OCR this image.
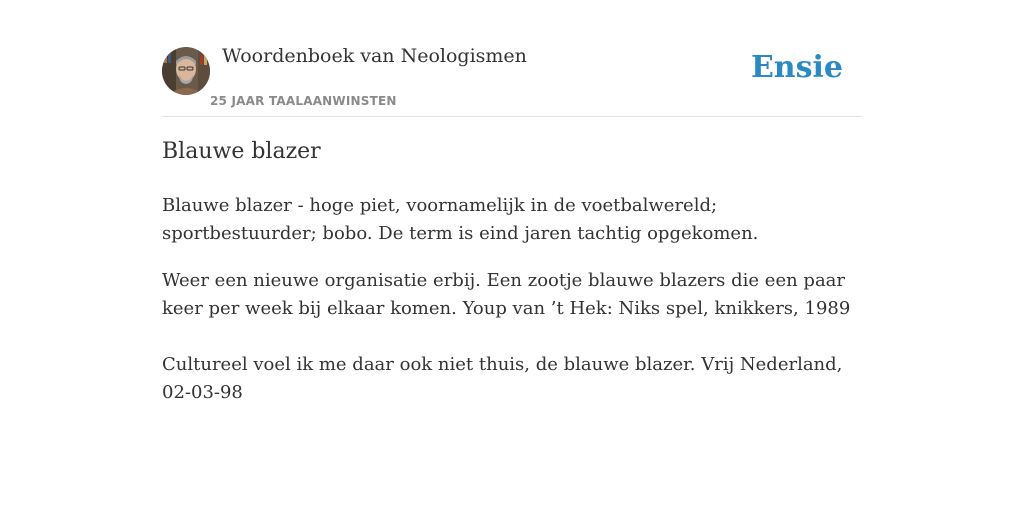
Woordenboek van Neologismen
25 JAAR TAALAANWINSTEN
Ensie
Blauwe blazer

Blauwe blazer - hoge piet, voornamelijk in de voetbalwereld; sportbestuurder; bobo. De term is eind jaren tachtig opgekomen.

Weer een nieuwe organisatie erbij. Een zootje blauwe blazers die een paar keer per week bij elkaar komen. Youp van ’t Hek: Niks spel, knikkers, 1989

Cultureel voel ik me daar ook niet thuis, de blauwe blazer. Vrij Nederland, 02-03-98
